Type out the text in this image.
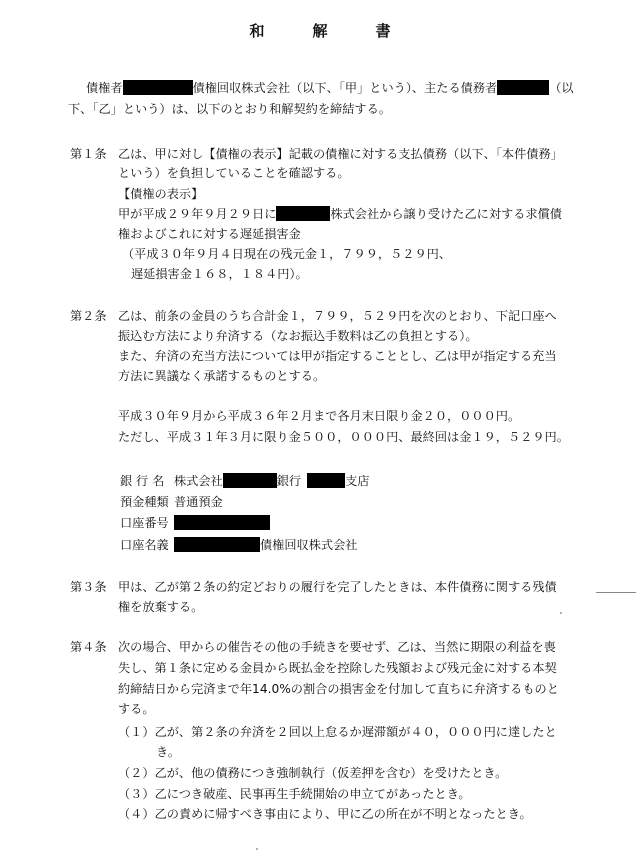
和	解	書
債権者	債権回収株式会社（以下、「甲」という）、主たる債務者	（以
下、「乙」という）は、以下のとおり和解契約を締結する。
第１条 乙は、甲に対し【債権の表示】記載の債権に対する支払債務（以下、「本件債務」
という）を負担していることを確認する。
【債権の表示】
甲が平成２９年９月２９日に	株式会社から譲り受けた乙に対する求償債
権およびこれに対する遅延損害金
（平成３０年９月４日現在の残元金１，７９９，５２９円、
遅延損害金１６８，１８４円）。
第２条 乙は、前条の金員のうち合計金１，７９９，５２９円を次のとおり、下記口座へ
振込む方法により弁済する（なお振込手数料は乙の負担とする）。
また、弁済の充当方法については甲が指定することとし、乙は甲が指定する充当
方法に異議なく承諾するものとする。
平成３０年９月から平成３６年２月まで各月末日限り金２０，０００円。
ただし、平成３１年３月に限り金５００，０００円、最終回は金１９，５２９円。
銀 行 名 株式会社	銀行	支店
預金種類 普通預金
口座番号
口座名義	債権回収株式会社
第３条 甲は、乙が第２条の約定どおりの履行を完了したときは、本件債務に関する残債
権を放棄する。
第４条 次の場合、甲からの催告その他の手続きを要せず、乙は、当然に期限の利益を喪
失し、第１条に定める金員から既払金を控除した残額および残元金に対する本契
約締結日から完済まで年14.0%の割合の損害金を付加して直ちに弁済するものと
する。
（１）乙が、第２条の弁済を２回以上怠るか遅滞額が４０，０００円に達したと
き。
（２）乙が、他の債務につき強制執行（仮差押を含む）を受けたとき。
（３）乙につき破産、民事再生手続開始の申立てがあったとき。
（４）乙の責めに帰すべき事由により、甲に乙の所在が不明となったとき。
